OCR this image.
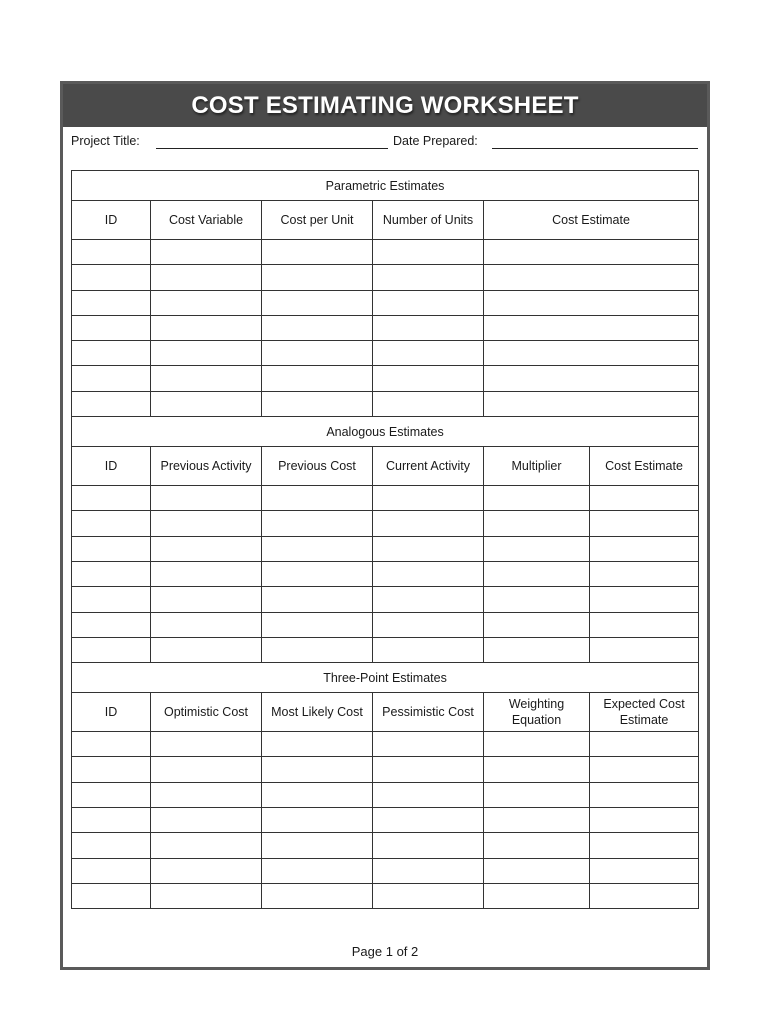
COST ESTIMATING WORKSHEET
Project Title:	Date Prepared:
Parametric Estimates					

ID	Cost Variable	Cost per Unit	Number of Units	Cost Estimate	

Analogous Estimates					

ID	Previous Activity	Previous Cost	Current Activity	Multiplier	Cost Estimate

Three-Point Estimates					

ID	Optimistic Cost	Most Likely Cost	Pessimistic Cost	Weighting Equation	Expected Cost Estimate

Page 1 of 2
